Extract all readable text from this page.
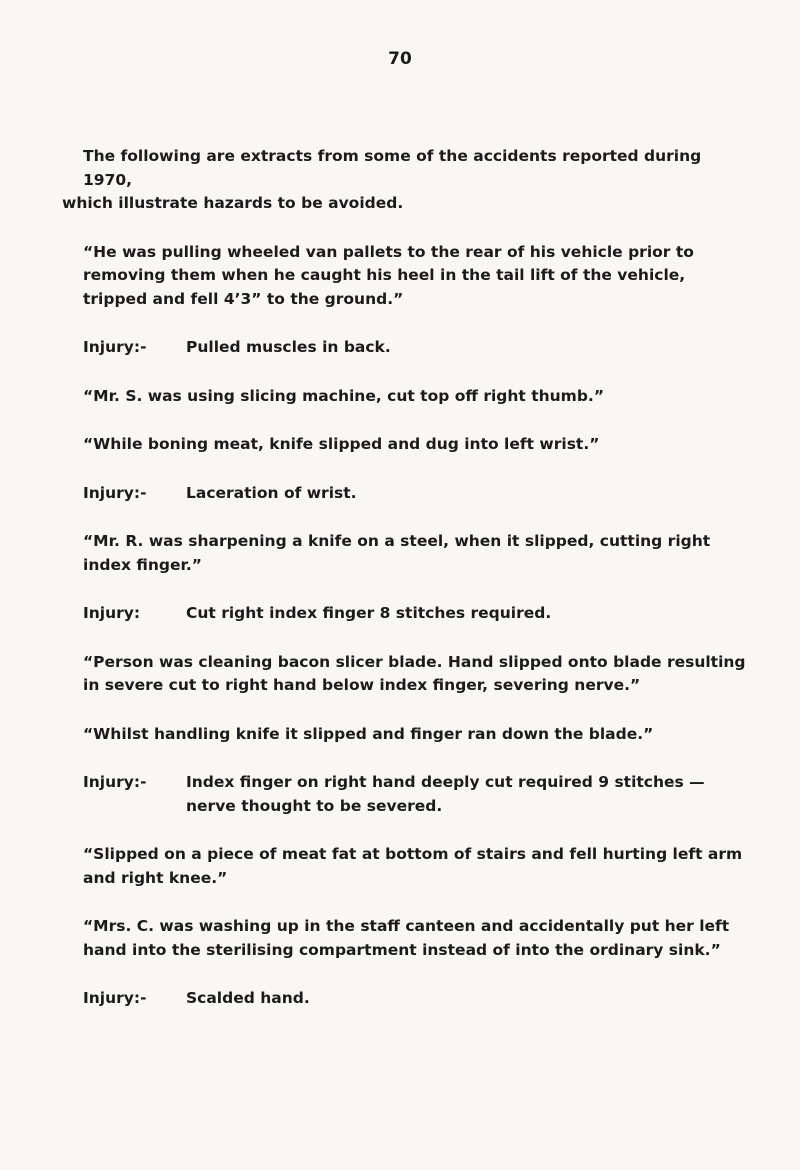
70

The following are extracts from some of the accidents reported during 1970,
which illustrate hazards to be avoided.

“He was pulling wheeled van pallets to the rear of his vehicle prior to removing them when he caught his heel in the tail lift of the vehicle, tripped and fell 4’3” to the ground.”

Injury:-	Pulled muscles in back.

“Mr. S. was using slicing machine, cut top off right thumb.”

“While boning meat, knife slipped and dug into left wrist.”

Injury:-	Laceration of wrist.

“Mr. R. was sharpening a knife on a steel, when it slipped, cutting right index finger.”

Injury:	Cut right index finger 8 stitches required.

“Person was cleaning bacon slicer blade. Hand slipped onto blade resulting in severe cut to right hand below index finger, severing nerve.”

“Whilst handling knife it slipped and finger ran down the blade.”

Injury:-	Index finger on right hand deeply cut required 9 stitches — nerve thought to be severed.

“Slipped on a piece of meat fat at bottom of stairs and fell hurting left arm and right knee.”

“Mrs. C. was washing up in the staff canteen and accidentally put her left hand into the sterilising compartment instead of into the ordinary sink.”

Injury:-	Scalded hand.
